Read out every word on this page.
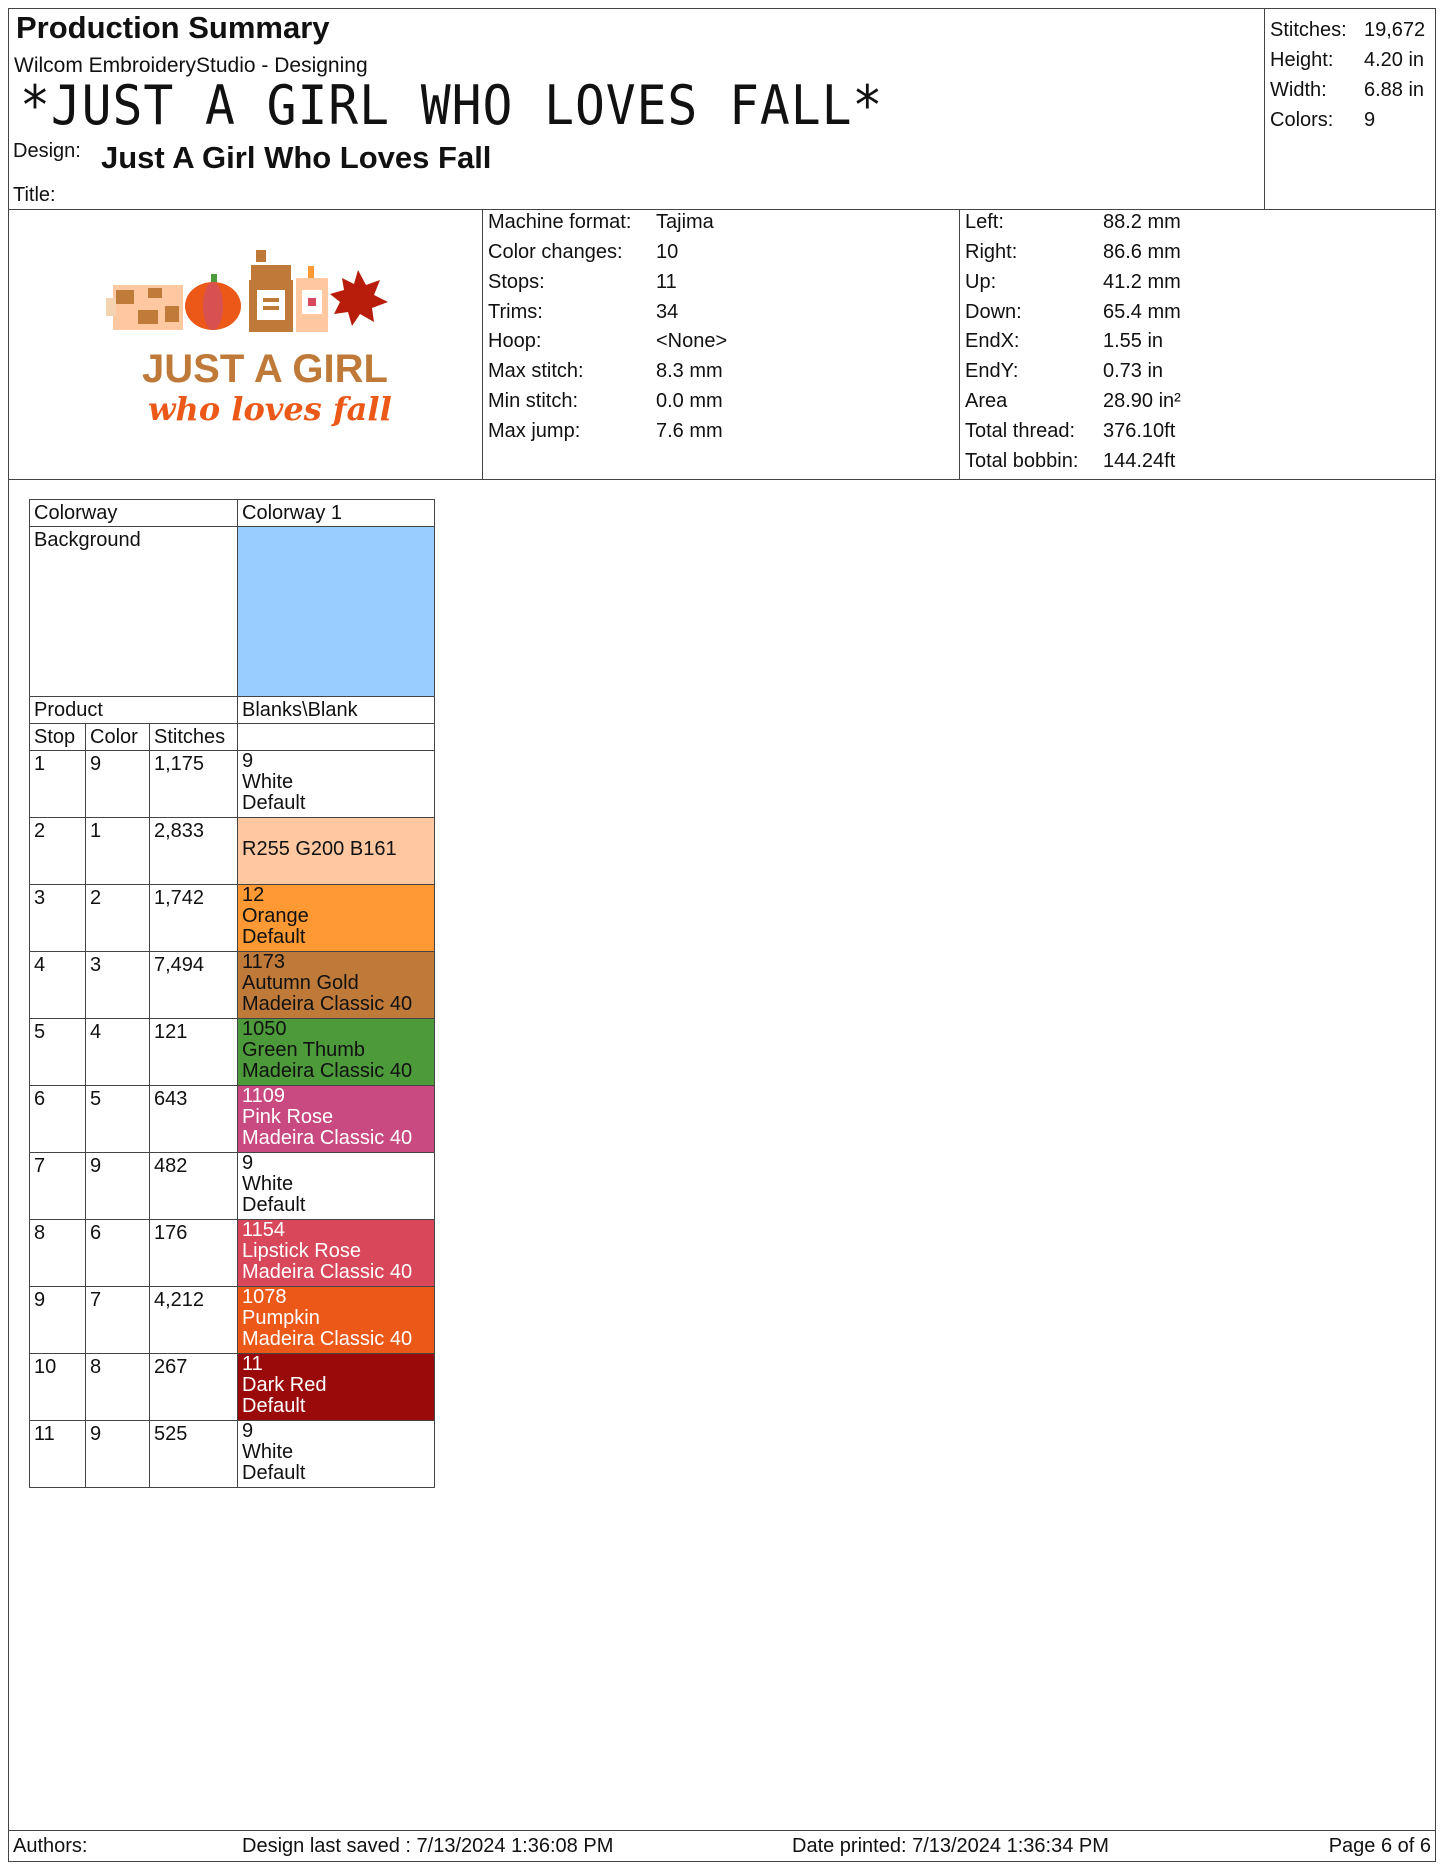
Production Summary
Wilcom EmbroideryStudio - Designing
*JUST A GIRL WHO LOVES FALL*
Design: Just A Girl Who Loves Fall
Title:
Stitches: 19,672
Height: 4.20 in
Width: 6.88 in
Colors: 9
JUST A GIRL
who loves fall
Machine format: Tajima
Color changes: 10
Stops:	11
Trims:	34
Hoop:	<None>
Max stitch:	8.3 mm
Min stitch:	0.0 mm
Max jump:	7.6 mm
Left:	88.2 mm
Right:	86.6 mm
Up:	41.2 mm
Down:	65.4 mm
EndX:	1.55 in
EndY:	0.73 in
Area	28.90 in²
Total thread: 376.10ft
Total bobbin: 144.24ft
Colorway			Colorway 1
Background			
Product			Blanks\Blank
Stop	Color	Stitches	
1	9	1,175	9
White
Default

2	1	2,833	R255 G200 B161

3	2	1,742	12
Orange
Default

4	3	7,494	1173
Autumn Gold
Madeira Classic 40

5	4	121	1050
Green Thumb
Madeira Classic 40

6	5	643	1109
Pink Rose
Madeira Classic 40

7	9	482	9
White
Default

8	6	176	1154
Lipstick Rose
Madeira Classic 40

9	7	4,212	1078
Pumpkin
Madeira Classic 40

10	8	267	11
Dark Red
Default

11	9	525	9
White
Default
Authors:	Design last saved : 7/13/2024 1:36:08 PM	Date printed: 7/13/2024 1:36:34 PM	Page 6 of 6
